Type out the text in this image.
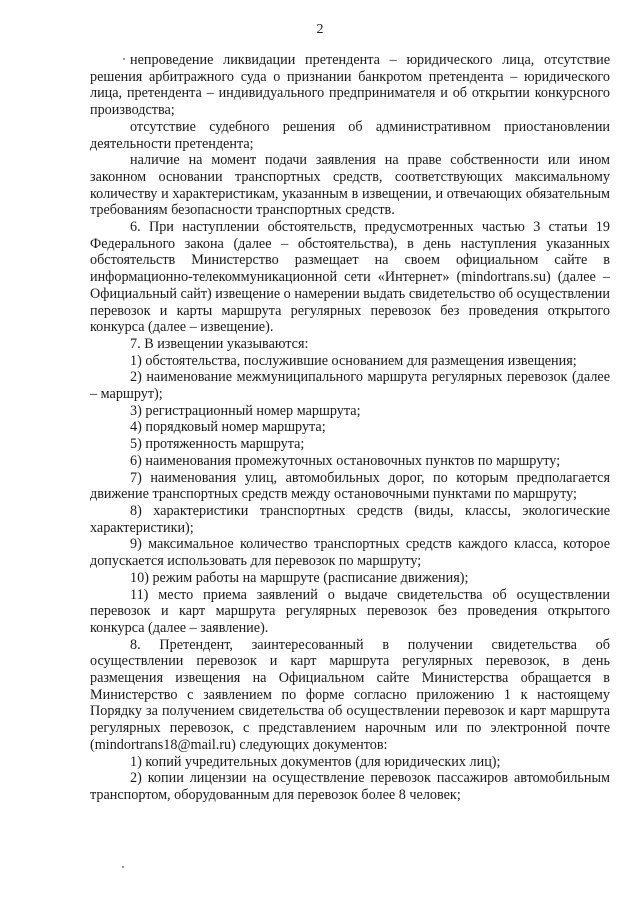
2

непроведение ликвидации претендента – юридического лица, отсутствие решения арбитражного суда о признании банкротом претендента – юридического лица, претендента – индивидуального предпринимателя и об открытии конкурсного производства;

отсутствие судебного решения об административном приостановлении деятельности претендента;

наличие на момент подачи заявления на праве собственности или ином законном основании транспортных средств, соответствующих максимальному количеству и характеристикам, указанным в извещении, и отвечающих обязательным требованиям безопасности транспортных средств.

6. При наступлении обстоятельств, предусмотренных частью 3 статьи 19 Федерального закона (далее – обстоятельства), в день наступления указанных обстоятельств Министерство размещает на своем официальном сайте в информационно-телекоммуникационной сети «Интернет» (mindortrans.su) (далее – Официальный сайт) извещение о намерении выдать свидетельство об осуществлении перевозок и карты маршрута регулярных перевозок без проведения открытого конкурса (далее – извещение).

7. В извещении указываются:

1) обстоятельства, послужившие основанием для размещения извещения;

2) наименование межмуниципального маршрута регулярных перевозок (далее – маршрут);

3) регистрационный номер маршрута;

4) порядковый номер маршрута;

5) протяженность маршрута;

6) наименования промежуточных остановочных пунктов по маршруту;

7) наименования улиц, автомобильных дорог, по которым предполагается движение транспортных средств между остановочными пунктами по маршруту;

8) характеристики транспортных средств (виды, классы, экологические характеристики);

9) максимальное количество транспортных средств каждого класса, которое допускается использовать для перевозок по маршруту;

10) режим работы на маршруте (расписание движения);

11) место приема заявлений о выдаче свидетельства об осуществлении перевозок и карт маршрута регулярных перевозок без проведения открытого конкурса (далее – заявление).

8. Претендент, заинтересованный в получении свидетельства об осуществлении перевозок и карт маршрута регулярных перевозок, в день размещения извещения на Официальном сайте Министерства обращается в Министерство с заявлением по форме согласно приложению 1 к настоящему Порядку за получением свидетельства об осуществлении перевозок и карт маршрута регулярных перевозок, с представлением нарочным или по электронной почте (mindortrans18@mail.ru) следующих документов:

1) копий учредительных документов (для юридических лиц);

2) копии лицензии на осуществление перевозок пассажиров автомобильным транспортом, оборудованным для перевозок более 8 человек;
